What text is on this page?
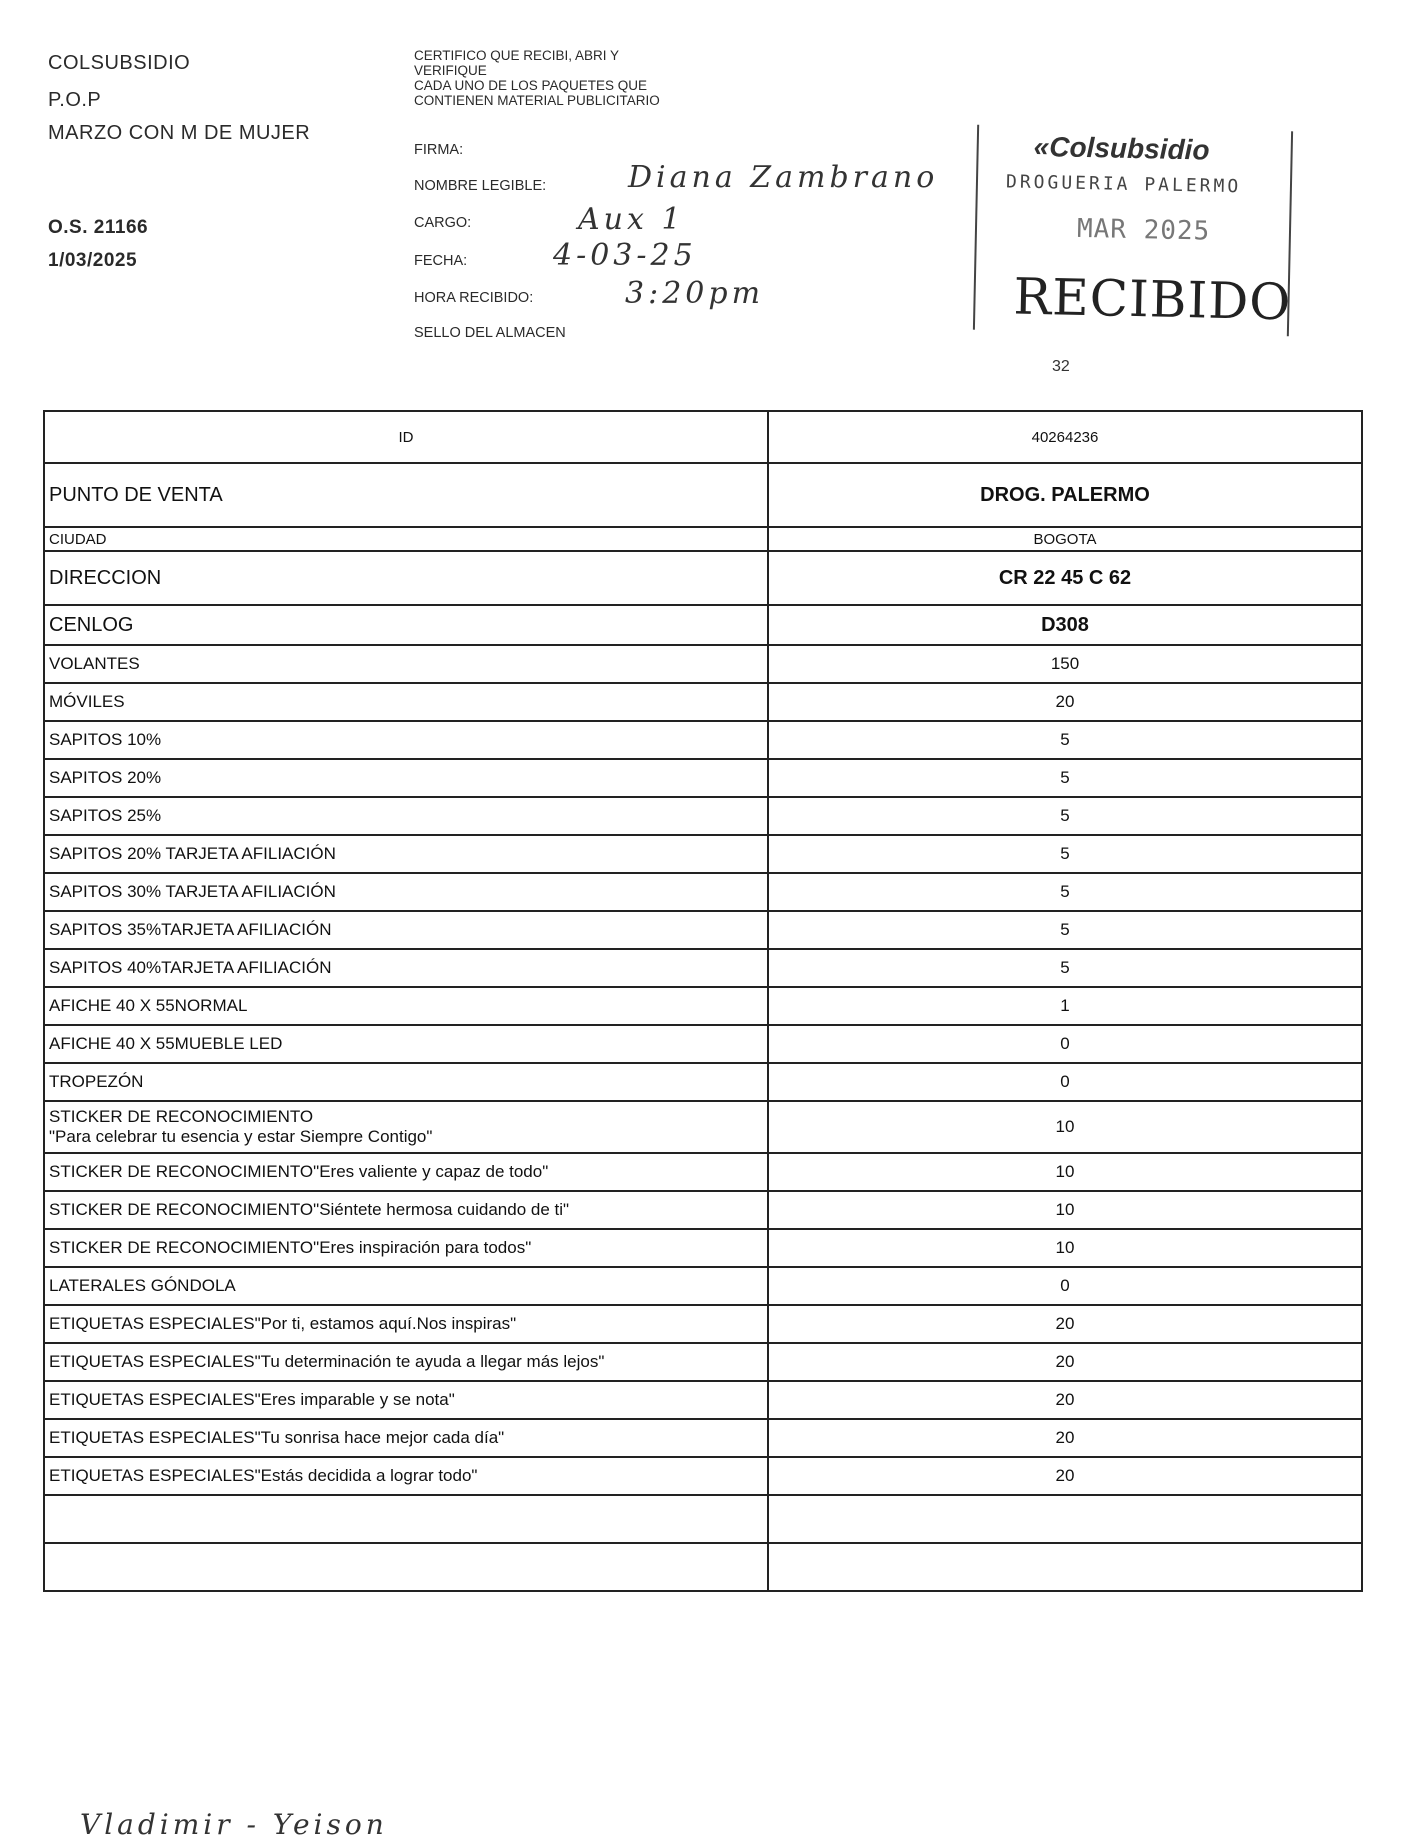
COLSUBSIDIO
P.O.P
MARZO CON M DE MUJER
O.S. 21166
1/03/2025
CERTIFICO QUE RECIBI, ABRI Y
VERIFIQUE
CADA UNO DE LOS PAQUETES QUE
CONTIENEN MATERIAL PUBLICITARIO
FIRMA:
NOMBRE LEGIBLE:	Diana Zambrano
CARGO:	Aux 1
FECHA:	4-03-25
HORA RECIBIDO:	3:20pm
SELLO DEL ALMACEN
«Colsubsidio
DROGUERIA PALERMO
MAR 2025
RECIBIDO
32
ID	40264236
PUNTO DE VENTA	DROG. PALERMO
CIUDAD	BOGOTA
DIRECCION	CR 22 45 C 62
CENLOG	D308
VOLANTES	150
MÓVILES	20
SAPITOS 10%	5
SAPITOS 20%	5
SAPITOS 25%	5
SAPITOS 20% TARJETA AFILIACIÓN	5
SAPITOS 30% TARJETA AFILIACIÓN	5
SAPITOS 35%TARJETA AFILIACIÓN	5
SAPITOS 40%TARJETA AFILIACIÓN	5
AFICHE 40 X 55NORMAL	1
AFICHE 40 X 55MUEBLE LED	0
TROPEZÓN	0

STICKER DE RECONOCIMIENTO
"Para celebrar tu esencia y estar Siempre Contigo"	10
STICKER DE RECONOCIMIENTO"Eres valiente y capaz de todo"	10
STICKER DE RECONOCIMIENTO"Siéntete hermosa cuidando de ti"	10
STICKER DE RECONOCIMIENTO"Eres inspiración para todos"	10
LATERALES GÓNDOLA	0
ETIQUETAS ESPECIALES"Por ti, estamos aquí.Nos inspiras"	20
ETIQUETAS ESPECIALES"Tu determinación te ayuda a llegar más lejos"	20
ETIQUETAS ESPECIALES"Eres imparable y se nota"	20
ETIQUETAS ESPECIALES"Tu sonrisa hace mejor cada día"	20
ETIQUETAS ESPECIALES"Estás decidida a lograr todo"	20

Vladimir - Yeison
